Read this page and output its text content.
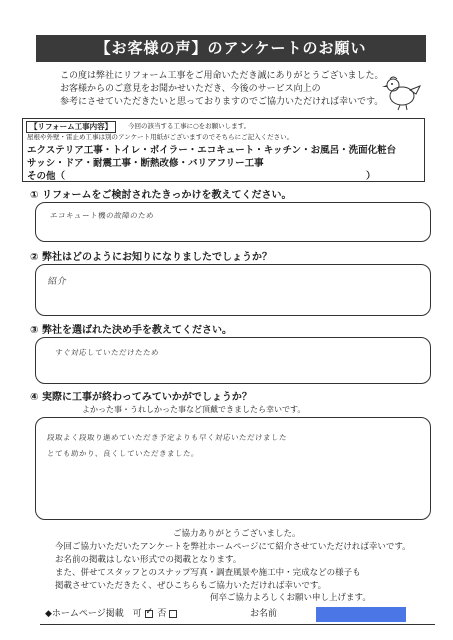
【お客様の声】のアンケートのお願い
この度は弊社にリフォーム工事をご用命いただき誠にありがとうございました。
お客様からのご意見をお聞かせいただき、今後のサービス向上の
参考にさせていただきたいと思っておりますのでご協力いただければ幸いです。
【リフォーム工事内容】	今回の該当する工事に○をお願いします。
屋根や外壁・雷止め工事は別のアンケート用紙がございますのでそちらにご記入ください。
エクステリア工事・トイレ・ボイラー・エコキュート・キッチン・お風呂・洗面化粧台
サッシ・ドア・耐震工事・断熱改修・バリアフリー工事
その他（	）
① リフォームをご検討されたきっかけを教えてください。
エコキュート機の故障のため
② 弊社はどのようにお知りになりましたでしょうか？
紹介
③ 弊社を選ばれた決め手を教えてください。
すぐ対応していただけたため
④ 実際に工事が終わってみていかがでしょうか？
よかった事・うれしかった事など頂戴できましたら幸いです。
段取よく段取り進めていただき予定よりも早く対応いただけました
とても助かり、良くしていただきました。
ご協力ありがとうございました。
今回ご協力いただいたアンケートを弊社ホームページにて紹介させていただければ幸いです。
お名前の掲載はしない形式での掲載となります。
また、併せてスタッフとのスナップ写真・調査風景や施工中・完成などの様子も
掲載させていただきたく、ぜひこちらもご協力いただければ幸いです。
何卒ご協力よろしくお願い申し上げます。
◆ホームページ掲載 可 ✓ 否	お名前
